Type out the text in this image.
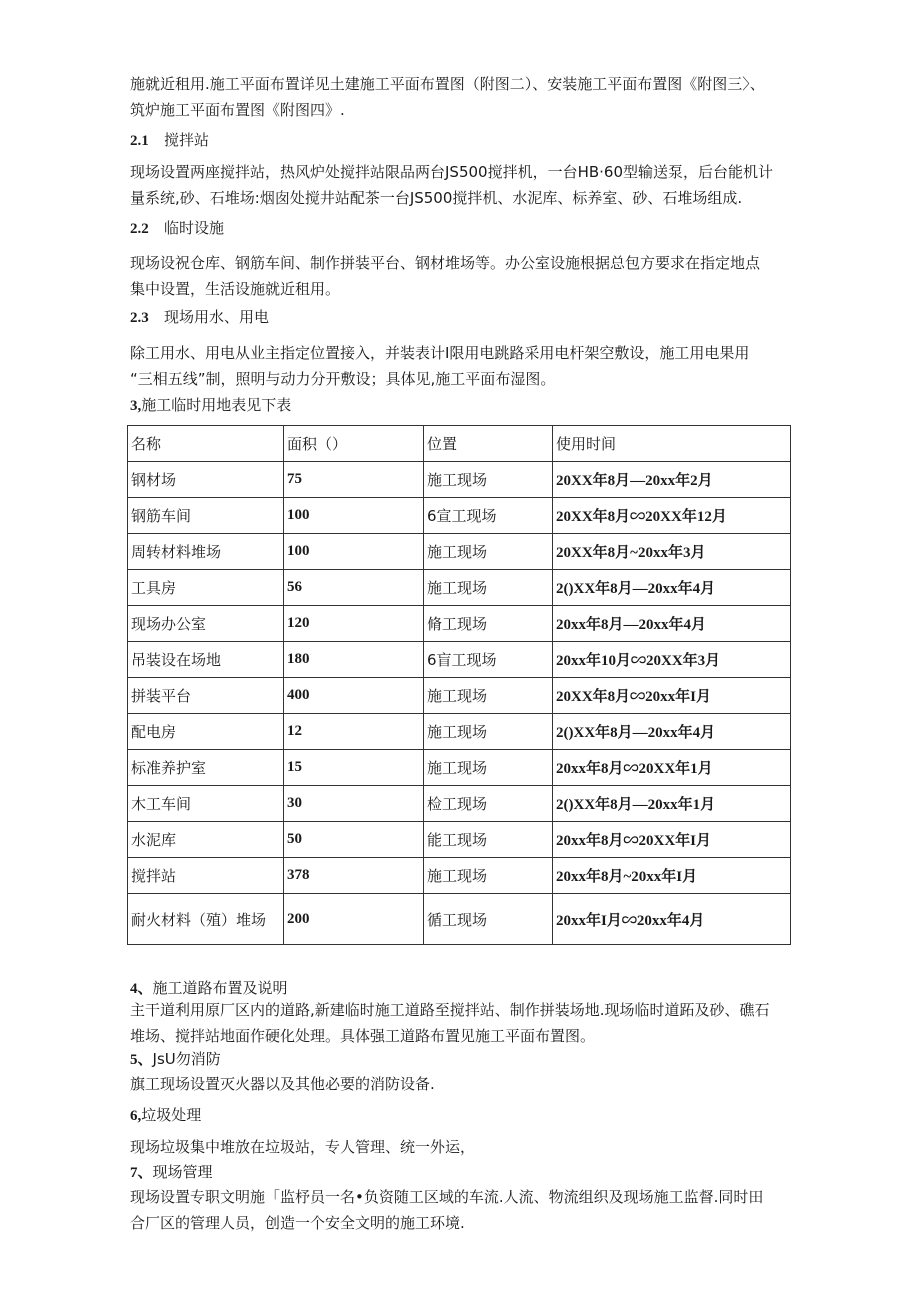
施就近租用.施工平面布置详见土建施工平面布置图（附图二）、安装施工平面布置图《附图三〉、
筑炉施工平面布置图《附图四》.

2.1 搅拌站

现场设置两座搅拌站，热风炉处搅拌站限品两台JS500搅拌机，一台HB·60型输送泵，后台能机计
量系统,砂、石堆场:烟囱处搅井站配茶一台JS500搅拌机、水泥库、标养室、砂、石堆场组成.

2.2 临时设施

现场设祝仓库、钢筋车间、制作拼装平台、钢材堆场等。办公室设施根据总包方要求在指定地点
集中设置，生活设施就近租用。

2.3 现场用水、用电

除工用水、用电从业主指定位置接入，并装表计I限用电跳路采用电杆架空敷设，施工用电果用
“三相五线”制，照明与动力分开敷设；具体见,施工平面布湿图。

3,施工临时用地表见下表
名称	面积（）	位置	使用时间
钢材场	75	施工现场	20XX年8月—20xx年2月
钢筋车间	100	6宣工现场	20XX年8月∽20XX年12月
周转材料堆场	100	施工现场	20XX年8月~20xx年3月
工具房	56	施工现场	2()XX年8月—20xx年4月
现场办公室	120	脩工现场	20xx年8月—20xx年4月
吊装设在场地	180	6盲工现场	20xx年10月∽20XX年3月
拼装平台	400	施工现场	20XX年8月∽20xx年I月
配电房	12	施工现场	2()XX年8月—20xx年4月
标准养护室	15	施工现场	20xx年8月∽20XX年1月
木工车间	30	检工现场	2()XX年8月—20xx年1月
水泥库	50	能工现场	20xx年8月∽20XX年I月
搅拌站	378	施工现场	20xx年8月~20xx年I月
耐火材料（殖）堆场	200	循工现场	20xx年I月∽20xx年4月
4、施工道路布置及说明

主干道利用原厂区内的道路,新建临时施工道路至搅拌站、制作拼装场地.现场临时道跖及砂、礁石
堆场、搅拌站地面作硬化处理。具体强工道路布置见施工平面布置图。

5、JsU勿消防

旗工现场设置灭火器以及其他必要的消防设备.

6,垃圾处理

现场垃圾集中堆放在垃圾站，专人管理、统一外运，

7、现场管理

现场设置专职文明施「监杼员一名•负资随工区域的车流.人流、物流组织及现场施工监督.同时田
合厂区的管理人员，创造一个安全文明的施工环境.
